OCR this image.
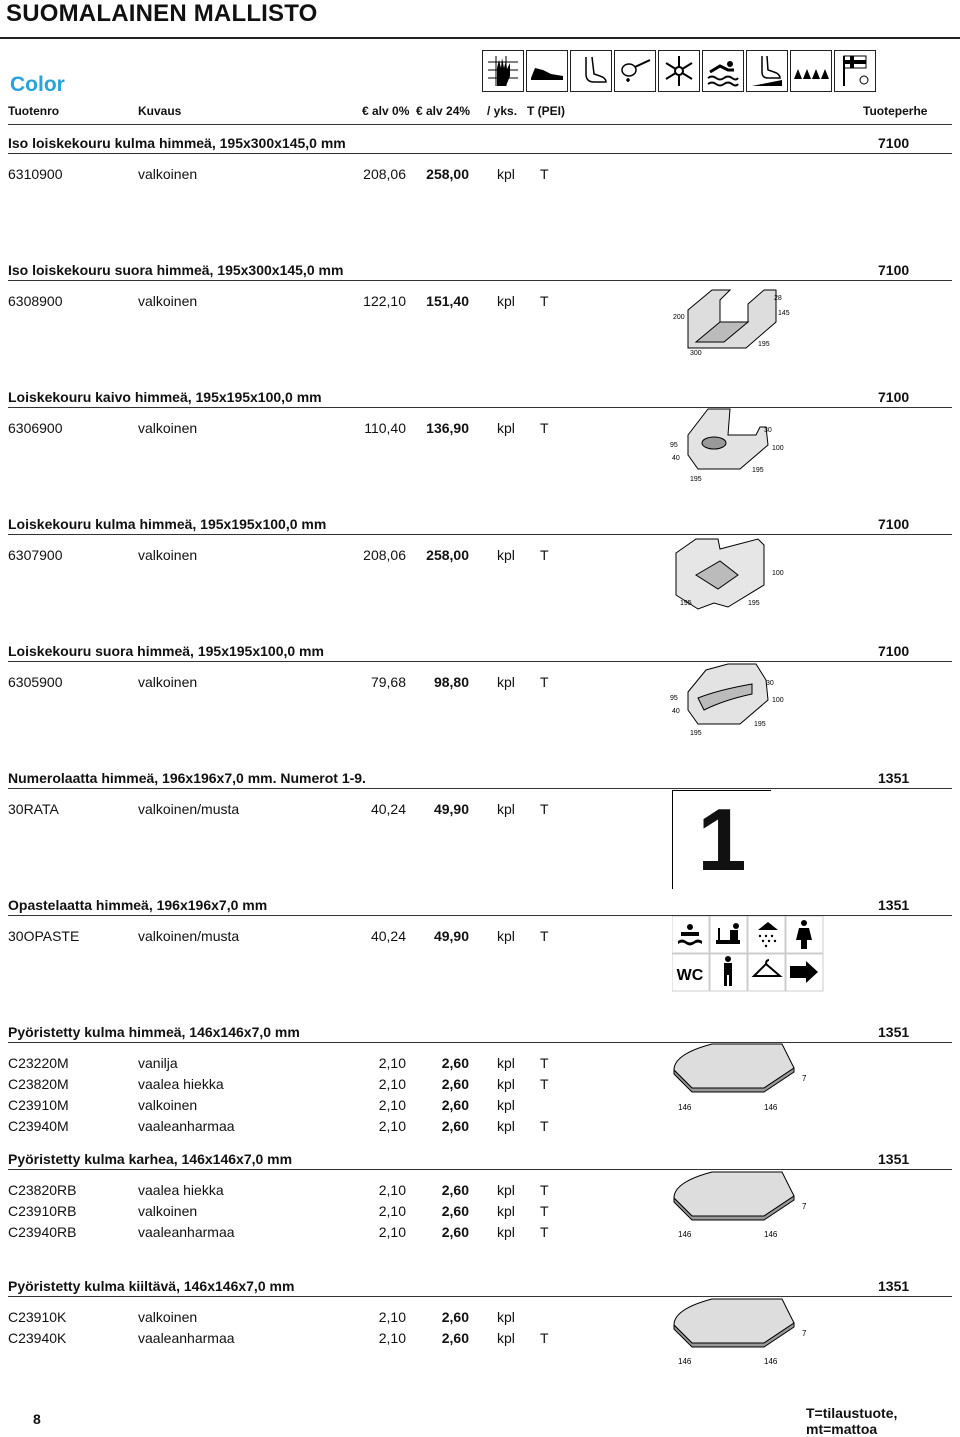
SUOMALAINEN MALLISTO
Color
Tuotenro	Kuvaus	€ alv 0% € alv 24% / yks. T (PEI)	Tuoteperhe
Iso loiskekouru kulma himmeä, 195x300x145,0 mm	7100
6310900	valkoinen	208,06	258,00 kpl T
Iso loiskekouru suora himmeä, 195x300x145,0 mm	7100
6308900	valkoinen	122,10	151,40 kpl T
Loiskekouru kaivo himmeä, 195x195x100,0 mm	7100
6306900	valkoinen	110,40	136,90 kpl T
Loiskekouru kulma himmeä, 195x195x100,0 mm	7100
6307900	valkoinen	208,06	258,00 kpl T
Loiskekouru suora himmeä, 195x195x100,0 mm	7100
6305900	valkoinen	79,68	98,80 kpl T
Numerolaatta himmeä, 196x196x7,0 mm. Numerot 1-9.	1351
30RATA	valkoinen/musta	40,24	49,90 kpl T
Opastelaatta himmeä, 196x196x7,0 mm	1351
30OPASTE	valkoinen/musta	40,24	49,90 kpl T
Pyöristetty kulma himmeä, 146x146x7,0 mm	1351
C23220M	vanilja	2,10	2,60 kpl T
C23820M	vaalea hiekka	2,10	2,60 kpl T
C23910M	valkoinen	2,10	2,60 kpl
C23940M	vaaleanharmaa	2,10	2,60 kpl T
Pyöristetty kulma karhea, 146x146x7,0 mm	1351
C23820RB	vaalea hiekka	2,10	2,60 kpl T
C23910RB	valkoinen	2,10	2,60 kpl T
C23940RB	vaaleanharmaa	2,10	2,60 kpl T
Pyöristetty kulma kiiltävä, 146x146x7,0 mm	1351
C23910K	valkoinen	2,10	2,60 kpl
C23940K	vaaleanharmaa	2,10	2,60 kpl T
200
28
145
300
195
95
40
30
100
195
195
100
195	195
95
40
30
100
195
195
1
WC
7
146	146
7
146	146
7
146	146
8	T=tilaustuote, mt=mattoa
